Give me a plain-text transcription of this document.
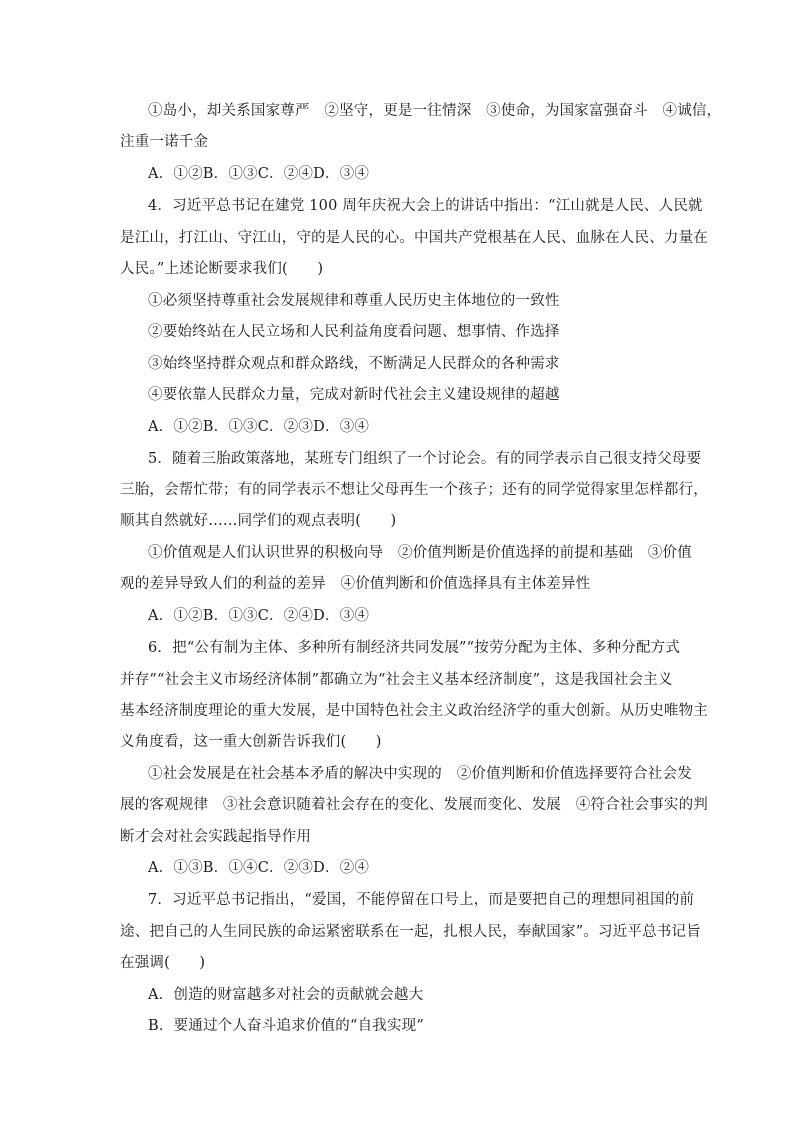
①岛小，却关系国家尊严　②坚守，更是一往情深　③使命，为国家富强奋斗　④诚信，
注重一诺千金
A．①②B．①③C．②④D．③④
4．习近平总书记在建党 100 周年庆祝大会上的讲话中指出：“江山就是人民、人民就
是江山，打江山、守江山，守的是人民的心。中国共产党根基在人民、血脉在人民、力量在
人民。”上述论断要求我们(　　)
①必须坚持尊重社会发展规律和尊重人民历史主体地位的一致性
②要始终站在人民立场和人民利益角度看问题、想事情、作选择
③始终坚持群众观点和群众路线，不断满足人民群众的各种需求
④要依靠人民群众力量，完成对新时代社会主义建设规律的超越
A．①②B．①③C．②③D．③④
5．随着三胎政策落地，某班专门组织了一个讨论会。有的同学表示自己很支持父母要
三胎，会帮忙带；有的同学表示不想让父母再生一个孩子；还有的同学觉得家里怎样都行，
顺其自然就好……同学们的观点表明(　　)
①价值观是人们认识世界的积极向导　②价值判断是价值选择的前提和基础　③价值
观的差异导致人们的利益的差异　④价值判断和价值选择具有主体差异性
A．①②B．①③C．②④D．③④
6．把“公有制为主体、多种所有制经济共同发展”“按劳分配为主体、多种分配方式
并存”“社会主义市场经济体制”都确立为“社会主义基本经济制度”，这是我国社会主义
基本经济制度理论的重大发展，是中国特色社会主义政治经济学的重大创新。从历史唯物主
义角度看，这一重大创新告诉我们(　　)
①社会发展是在社会基本矛盾的解决中实现的　②价值判断和价值选择要符合社会发
展的客观规律　③社会意识随着社会存在的变化、发展而变化、发展　④符合社会事实的判
断才会对社会实践起指导作用
A．①③B．①④C．②③D．②④
7．习近平总书记指出，“爱国，不能停留在口号上，而是要把自己的理想同祖国的前
途、把自己的人生同民族的命运紧密联系在一起，扎根人民，奉献国家”。习近平总书记旨
在强调(　　)
A．创造的财富越多对社会的贡献就会越大
B．要通过个人奋斗追求价值的“自我实现”
